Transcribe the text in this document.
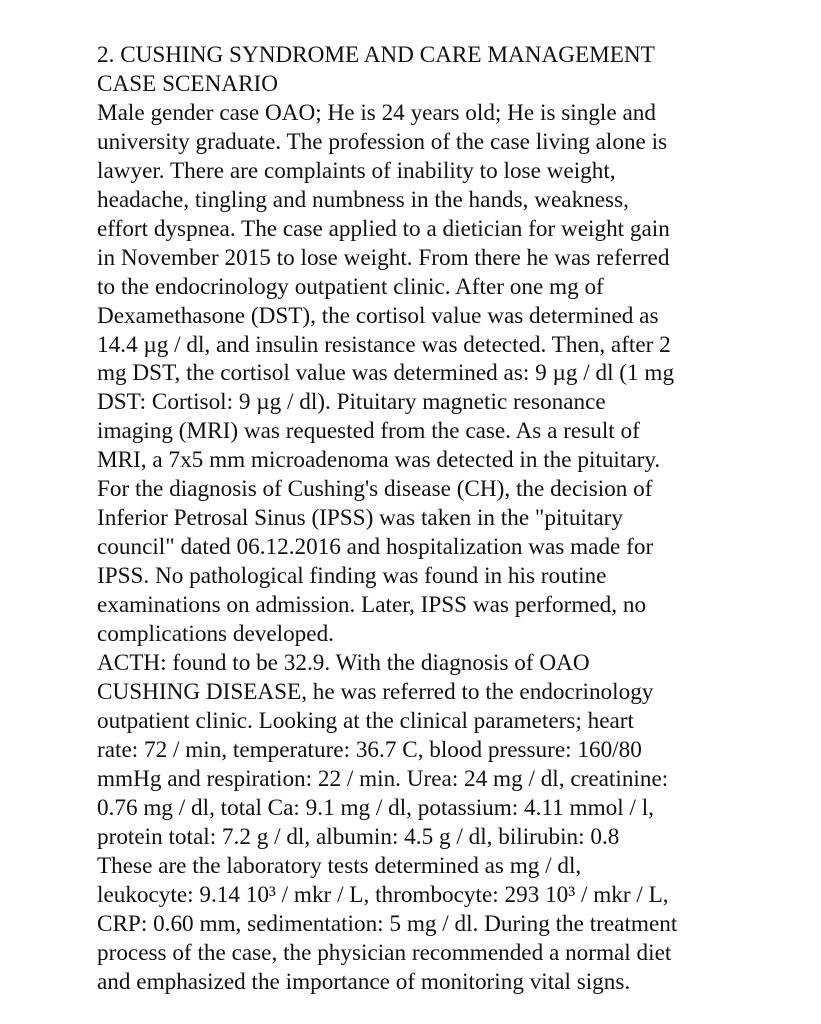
2. CUSHING SYNDROME AND CARE MANAGEMENT
CASE SCENARIO
Male gender case OAO; He is 24 years old; He is single and
university graduate. The profession of the case living alone is
lawyer. There are complaints of inability to lose weight,
headache, tingling and numbness in the hands, weakness,
effort dyspnea. The case applied to a dietician for weight gain
in November 2015 to lose weight. From there he was referred
to the endocrinology outpatient clinic. After one mg of
Dexamethasone (DST), the cortisol value was determined as
14.4 µg / dl, and insulin resistance was detected. Then, after 2
mg DST, the cortisol value was determined as: 9 µg / dl (1 mg
DST: Cortisol: 9 µg / dl). Pituitary magnetic resonance
imaging (MRI) was requested from the case. As a result of
MRI, a 7x5 mm microadenoma was detected in the pituitary.
For the diagnosis of Cushing's disease (CH), the decision of
Inferior Petrosal Sinus (IPSS) was taken in the "pituitary
council" dated 06.12.2016 and hospitalization was made for
IPSS. No pathological finding was found in his routine
examinations on admission. Later, IPSS was performed, no
complications developed.
ACTH: found to be 32.9. With the diagnosis of OAO
CUSHING DISEASE, he was referred to the endocrinology
outpatient clinic. Looking at the clinical parameters; heart
rate: 72 / min, temperature: 36.7 C, blood pressure: 160/80
mmHg and respiration: 22 / min. Urea: 24 mg / dl, creatinine:
0.76 mg / dl, total Ca: 9.1 mg / dl, potassium: 4.11 mmol / l,
protein total: 7.2 g / dl, albumin: 4.5 g / dl, bilirubin: 0.8
These are the laboratory tests determined as mg / dl,
leukocyte: 9.14 10³ / mkr / L, thrombocyte: 293 10³ / mkr / L,
CRP: 0.60 mm, sedimentation: 5 mg / dl. During the treatment
process of the case, the physician recommended a normal diet
and emphasized the importance of monitoring vital signs.
